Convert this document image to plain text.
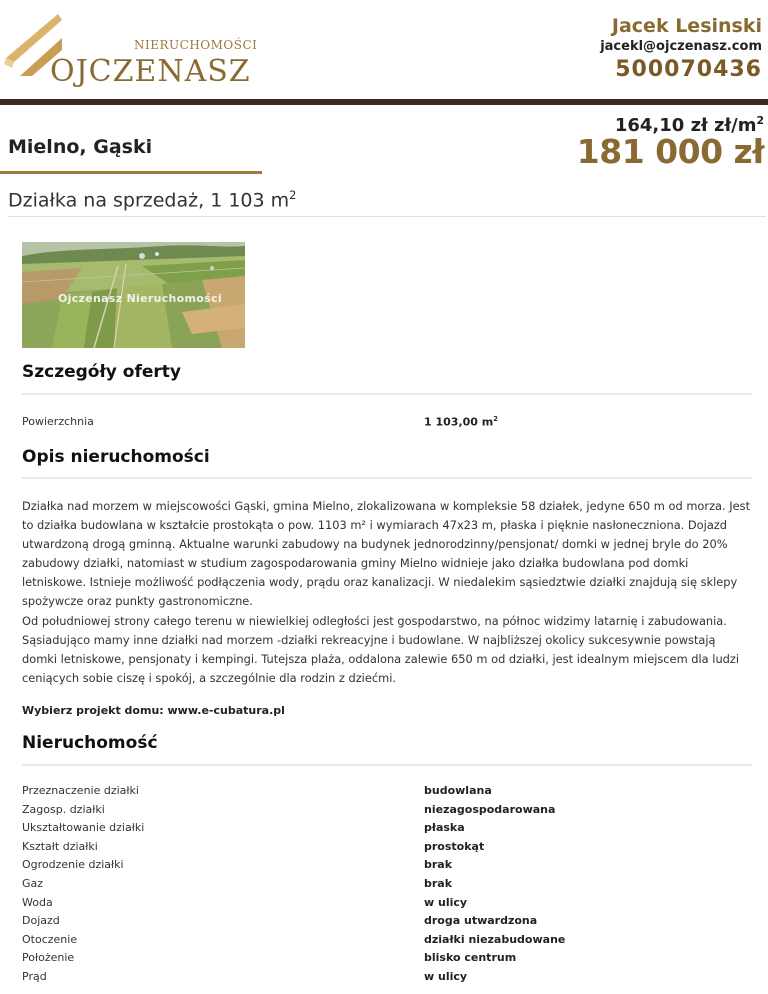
NIERUCHOMOŚCI
OJCZENASZ
Jacek Lesinski
jacekl@ojczenasz.com
500070436
Mielno, Gąski
164,10 zł $zł/m^2$
181 000 zł
Działka na sprzedaż, 1 103 $m^2$
Ojczenasz Nieruchomości
Szczegóły oferty
Powierzchnia	1 103,00 $m^2$
Opis nieruchomości
Działka nad morzem w miejscowości Gąski, gmina Mielno, zlokalizowana w kompleksie 58 działek, jedyne 650 m od morza. Jest to działka budowlana w kształcie prostokąta o pow. 1103 m² i wymiarach 47x23 m, płaska i pięknie nasłoneczniona. Dojazd utwardzoną drogą gminną. Aktualne warunki zabudowy na budynek jednorodzinny/pensjonat/ domki w jednej bryle do 20% zabudowy działki, natomiast w studium zagospodarowania gminy Mielno widnieje jako działka budowlana pod domki letniskowe. Istnieje możliwość podłączenia wody, prądu oraz kanalizacji. W niedalekim sąsiedztwie działki znajdują się sklepy spożywcze oraz punkty gastronomiczne.
Od południowej strony całego terenu w niewielkiej odległości jest gospodarstwo, na północ widzimy latarnię i zabudowania. Sąsiadująco mamy inne działki nad morzem -działki rekreacyjne i budowlane. W najbliższej okolicy sukcesywnie powstają domki letniskowe, pensjonaty i kempingi. Tutejsza plaża, oddalona zalewie 650 m od działki, jest idealnym miejscem dla ludzi ceniących sobie ciszę i spokój, a szczególnie dla rodzin z dziećmi.
Wybierz projekt domu: www.e-cubatura.pl
Nieruchomość
Przeznaczenie działki	budowlana
Zagosp. działki	niezagospodarowana
Ukształtowanie działki	płaska
Kształt działki	prostokąt
Ogrodzenie działki	brak
Gaz	brak
Woda	w ulicy
Dojazd	droga utwardzona
Otoczenie	działki niezabudowane
Położenie	blisko centrum
Prąd	w ulicy
